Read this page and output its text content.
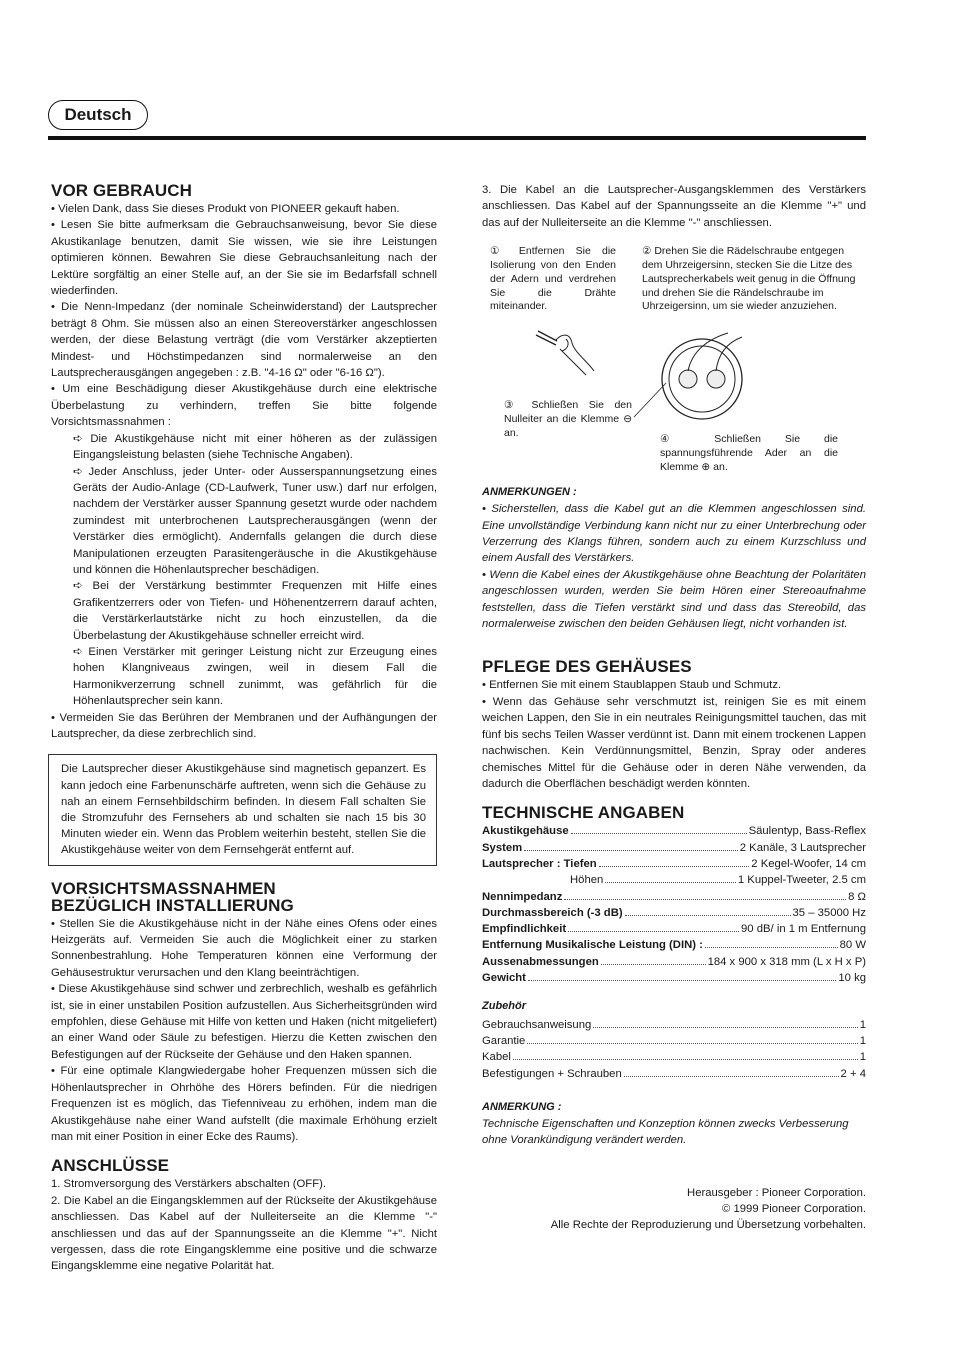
Deutsch
VOR GEBRAUCH

• Vielen Dank, dass Sie dieses Produkt von PIONEER gekauft haben.

• Lesen Sie bitte aufmerksam die Gebrauchsanweisung, bevor Sie diese Akustikanlage benutzen, damit Sie wissen, wie sie ihre Leistungen optimieren können. Bewahren Sie diese Gebrauchsanleitung nach der Lektüre sorgfältig an einer Stelle auf, an der Sie sie im Bedarfsfall schnell wiederfinden.

• Die Nenn-Impedanz (der nominale Scheinwiderstand) der Lautsprecher beträgt 8 Ohm. Sie müssen also an einen Stereoverstärker angeschlossen werden, der diese Belastung verträgt (die vom Verstärker akzeptierten Mindest- und Höchstimpedanzen sind normalerweise an den Lautsprecherausgängen angegeben : z.B. "4-16 Ω" oder "6-16 Ω").

• Um eine Beschädigung dieser Akustikgehäuse durch eine elektrische Überbelastung zu verhindern, treffen Sie bitte folgende Vorsichtsmassnahmen :

➪ Die Akustikgehäuse nicht mit einer höheren as der zulässigen Eingangsleistung belasten (siehe Technische Angaben).

➪ Jeder Anschluss, jeder Unter- oder Ausserspannungsetzung eines Geräts der Audio-Anlage (CD-Laufwerk, Tuner usw.) darf nur erfolgen, nachdem der Verstärker ausser Spannung gesetzt wurde oder nachdem zumindest mit unterbrochenen Lautsprecherausgängen (wenn der Verstärker dies ermöglicht). Andernfalls gelangen die durch diese Manipulationen erzeugten Parasitengeräusche in die Akustikgehäuse und können die Höhenlautsprecher beschädigen.

➪ Bei der Verstärkung bestimmter Frequenzen mit Hilfe eines Grafikentzerrers oder von Tiefen- und Höhenentzerrern darauf achten, die Verstärkerlautstärke nicht zu hoch einzustellen, da die Überbelastung der Akustikgehäuse schneller erreicht wird.

➪ Einen Verstärker mit geringer Leistung nicht zur Erzeugung eines hohen Klangniveaus zwingen, weil in diesem Fall die Harmonikverzerrung schnell zunimmt, was gefährlich für die Höhenlautsprecher sein kann.

• Vermeiden Sie das Berühren der Membranen und der Aufhängungen der Lautsprecher, da diese zerbrechlich sind.

Die Lautsprecher dieser Akustikgehäuse sind magnetisch gepanzert. Es kann jedoch eine Farbenunschärfe auftreten, wenn sich die Gehäuse zu nah an einem Fernsehbildschirm befinden. In diesem Fall schalten Sie die Stromzufuhr des Fernsehers ab und schalten sie nach 15 bis 30 Minuten wieder ein. Wenn das Problem weiterhin besteht, stellen Sie die Akustikgehäuse weiter von dem Fernsehgerät entfernt auf.

VORSICHTSMASSNAHMEN
BEZÜGLICH INSTALLIERUNG

• Stellen Sie die Akustikgehäuse nicht in der Nähe eines Ofens oder eines Heizgeräts auf. Vermeiden Sie auch die Möglichkeit einer zu starken Sonnenbestrahlung. Hohe Temperaturen können eine Verformung der Gehäusestruktur verursachen und den Klang beeinträchtigen.

• Diese Akustikgehäuse sind schwer und zerbrechlich, weshalb es gefährlich ist, sie in einer unstabilen Position aufzustellen. Aus Sicherheitsgründen wird empfohlen, diese Gehäuse mit Hilfe von ketten und Haken (nicht mitgeliefert) an einer Wand oder Säule zu befestigen. Hierzu die Ketten zwischen den Befestigungen auf der Rückseite der Gehäuse und den Haken spannen.

• Für eine optimale Klangwiedergabe hoher Frequenzen müssen sich die Höhenlautsprecher in Ohrhöhe des Hörers befinden. Für die niedrigen Frequenzen ist es möglich, das Tiefenniveau zu erhöhen, indem man die Akustikgehäuse nahe einer Wand aufstellt (die maximale Erhöhung erzielt man mit einer Position in einer Ecke des Raums).

ANSCHLÜSSE

1. Stromversorgung des Verstärkers abschalten (OFF).

2. Die Kabel an die Eingangsklemmen auf der Rückseite der Akustikgehäuse anschliessen. Das Kabel auf der Nulleiterseite an die Klemme "-" anschliessen und das auf der Spannungsseite an die Klemme "+". Nicht vergessen, dass die rote Eingangsklemme eine positive und die schwarze Eingangsklemme eine negative Polarität hat.

3. Die Kabel an die Lautsprecher-Ausgangsklemmen des Verstärkers anschliessen. Das Kabel auf der Spannungsseite an die Klemme "+" und das auf der Nulleiterseite an die Klemme "-" anschliessen.

① Entfernen Sie die Isolierung von den Enden der Adern und verdrehen Sie die Drähte miteinander.

② Drehen Sie die Rädelschraube entgegen dem Uhrzeigersinn, stecken Sie die Litze des Lautsprecherkabels weit genug in die Öffnung und drehen Sie die Rändelschraube im Uhrzeigersinn, um sie wieder anzuziehen.

③ Schließen Sie den Nulleiter an die Klemme ⊖ an.

④ Schließen Sie die spannungsführende Ader an die Klemme ⊕ an.

ANMERKUNGEN :

• Sicherstellen, dass die Kabel gut an die Klemmen angeschlossen sind. Eine unvollständige Verbindung kann nicht nur zu einer Unterbrechung oder Verzerrung des Klangs führen, sondern auch zu einem Kurzschluss und einem Ausfall des Verstärkers.

• Wenn die Kabel eines der Akustikgehäuse ohne Beachtung der Polaritäten angeschlossen wurden, werden Sie beim Hören einer Stereoaufnahme feststellen, dass die Tiefen verstärkt sind und dass das Stereobild, das normalerweise zwischen den beiden Gehäusen liegt, nicht vorhanden ist.

PFLEGE DES GEHÄUSES

• Entfernen Sie mit einem Staublappen Staub und Schmutz.

• Wenn das Gehäuse sehr verschmutzt ist, reinigen Sie es mit einem weichen Lappen, den Sie in ein neutrales Reinigungsmittel tauchen, das mit fünf bis sechs Teilen Wasser verdünnt ist. Dann mit einem trockenen Lappen nachwischen. Kein Verdünnungsmittel, Benzin, Spray oder anderes chemisches Mittel für die Gehäuse oder in deren Nähe verwenden, da dadurch die Oberflächen beschädigt werden könnten.

TECHNISCHE ANGABEN
Akustikgehäuse	Säulentyp, Bass-Reflex
System	2 Kanäle, 3 Lautsprecher
Lautsprecher : Tiefen	2 Kegel-Woofer, 14 cm
Höhen	1 Kuppel-Tweeter, 2.5 cm
Nennimpedanz	8 Ω
Durchmassbereich (-3 dB)	35 – 35000 Hz
Empfindlichkeit	90 dB/ in 1 m Entfernung
Entfernung Musikalische Leistung (DIN) :	80 W
Aussenabmessungen	184 x 900 x 318 mm (L x H x P)
Gewicht	10 kg

Zubehör

Gebrauchsanweisung	1
Garantie	1
Kabel	1
Befestigungen + Schrauben	2 + 4

ANMERKUNG :

Technische Eigenschaften und Konzeption können zwecks Verbesserung ohne Vorankündigung verändert werden.

Herausgeber : Pioneer Corporation.

© 1999 Pioneer Corporation.

Alle Rechte der Reproduzierung und Übersetzung vorbehalten.
